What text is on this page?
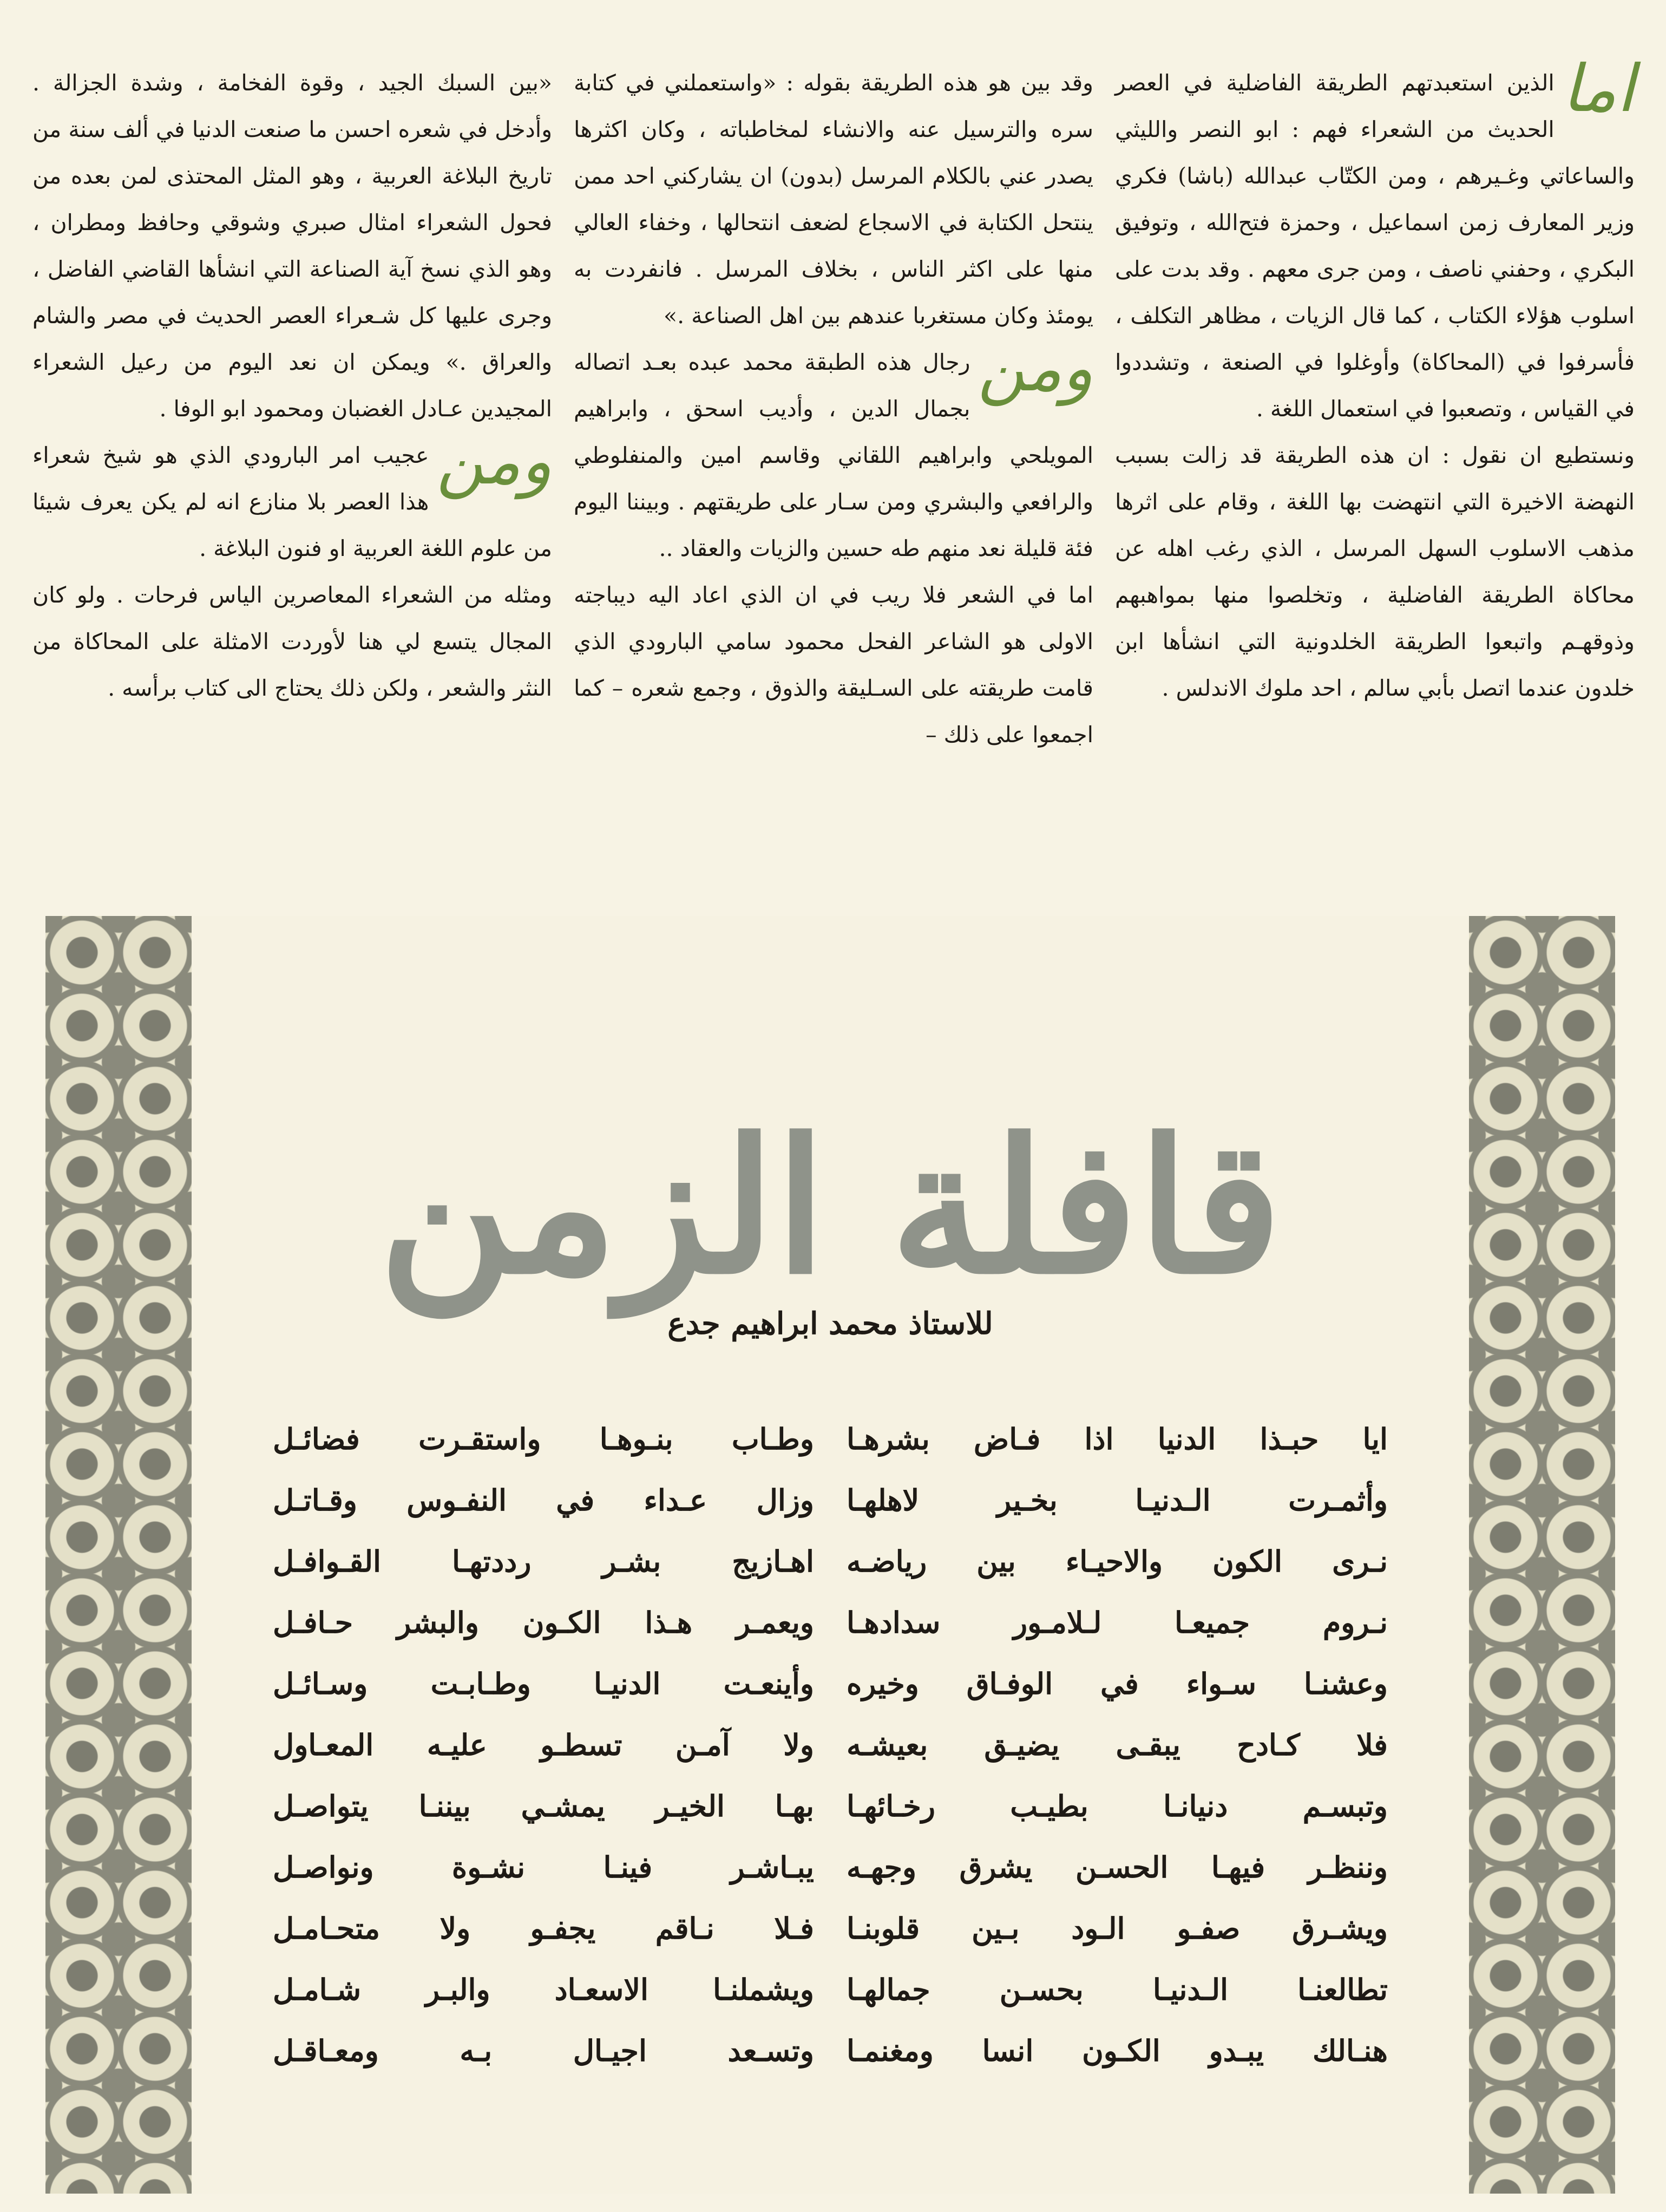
اما

الذين استعبدتهم الطريقة الفاضلية في العصر الحديث من الشعراء فهم : ابو النصر والليثي والساعاتي وغـيرهم ، ومن الكتّاب عبدالله (باشا) فكري وزير المعارف زمن اسماعيل ، وحمزة فتح‌الله ، وتوفيق البكري ، وحفني ناصف ، ومن جرى معهم . وقد بدت على اسلوب هؤلاء الكتاب ، كما قال الزيات ، مظاهر التكلف ، فأسرفوا في (المحاكاة) وأوغلوا في الصنعة ، وتشددوا في القياس ، وتصعبوا في استعمال اللغة .

ونستطيع ان نقول : ان هذه الطريقة قد زالت بسبب النهضة الاخيرة التي انتهضت بها اللغة ، وقام على اثرها مذهب الاسلوب السهل المرسل ، الذي رغب اهله عن محاكاة الطريقة الفاضلية ، وتخلصوا منها بمواهبهم وذوقهـم واتبعوا الطريقة الخلدونية التي انشأها ابن خلدون عندما اتصل بأبي سالم ، احد ملوك الاندلس .

وقد بين هو هذه الطريقة بقوله : «واستعملني في كتابة سره والترسيل عنه والانشاء لمخاطباته ، وكان اكثرها يصدر عني بالكلام المرسل (بدون) ان يشاركني احد ممن ينتحل الكتابة في الاسجاع لضعف انتحالها ، وخفاء العالي منها على اكثر الناس ، بخلاف المرسل . فانفردت به يومئذ وكان مستغربا عندهم بين اهل الصناعة .»

ومن

رجال هذه الطبقة محمد عبده بعـد اتصاله بجمال الدين ، وأديب اسحق ، وابراهيم المويلحي وابراهيم اللقاني وقاسم امين والمنفلوطي والرافعي والبشري ومن سـار على طريقتهم . وبيننا اليوم فئة قليلة نعد منهم طه حسين والزيات والعقاد ..

اما في الشعر فلا ريب في ان الذي اعاد اليه ديباجته الاولى هو الشاعر الفحل محمود سامي البارودي الذي قامت طريقته على السـليقة والذوق ، وجمع شعره – كما اجمعوا على ذلك –

«بين السبك الجيد ، وقوة الفخامة ، وشدة الجزالة . وأدخل في شعره احسن ما صنعت الدنيا في ألف سنة من تاريخ البلاغة العربية ، وهو المثل المحتذى لمن بعده من فحول الشعراء امثال صبري وشوقي وحافظ ومطران ، وهو الذي نسخ آية الصناعة التي انشأها القاضي الفاضل ، وجرى عليها كل شـعراء العصر الحديث في مصر والشام والعراق .» ويمكن ان نعد اليوم من رعيل الشعراء المجيدين عـادل الغضبان ومحمود ابو الوفا .

ومن

عجيب امر البارودي الذي هو شيخ شعراء هذا العصر بلا منازع انه لم يكن يعرف شيئا من علوم اللغة العربية او فنون البلاغة .

ومثله من الشعراء المعاصرين الياس فرحات . ولو كان المجال يتسع لي هنا لأوردت الامثلة على المحاكاة من النثر والشعر ، ولكن ذلك يحتاج الى كتاب برأسه .

قافلة الزمن
للاستاذ محمد ابراهيم جدع
ايا حبـذا الدنيا اذا فـاض بشرهـا
وأثمـرت الـدنيـا بخـير لاهلهـا
نـرى الكون والاحيـاء بين رياضـه
نـروم جميعـا لـلامـور سدادهـا
وعشنـا سـواء في الوفـاق وخيره
فلا كـادح يبقـى يضيـق بعيشـه
وتبسـم دنيانـا بطيـب رخـائهـا
وننظـر فيهـا الحسـن يشرق وجهـه
ويشـرق صفـو الـود بـين قلوبنـا
تطالعنـا الـدنيـا بحسـن جمالهـا
هنـالك يبـدو الكـون انسا ومغنمـا
وطـاب بنـوهـا واستقـرت فضائـل
وزال عـداء في النفـوس وقـاتـل
اهـازيج بشـر رددتهـا القـوافـل
ويعمـر هـذا الكـون والبشر حـافـل
وأينعـت الدنيـا وطـابـت وسـائـل
ولا آمـن تسطـو عليـه المعـاول
بهـا الخيـر يمشـي بيننـا يتواصـل
يبـاشـر فينـا نشـوة ونواصـل
فـلا نـاقم يجفـو ولا متحـامـل
ويشملنـا الاسعـاد والبـر شـامـل
وتسـعد اجيـال بـه ومعـاقـل
